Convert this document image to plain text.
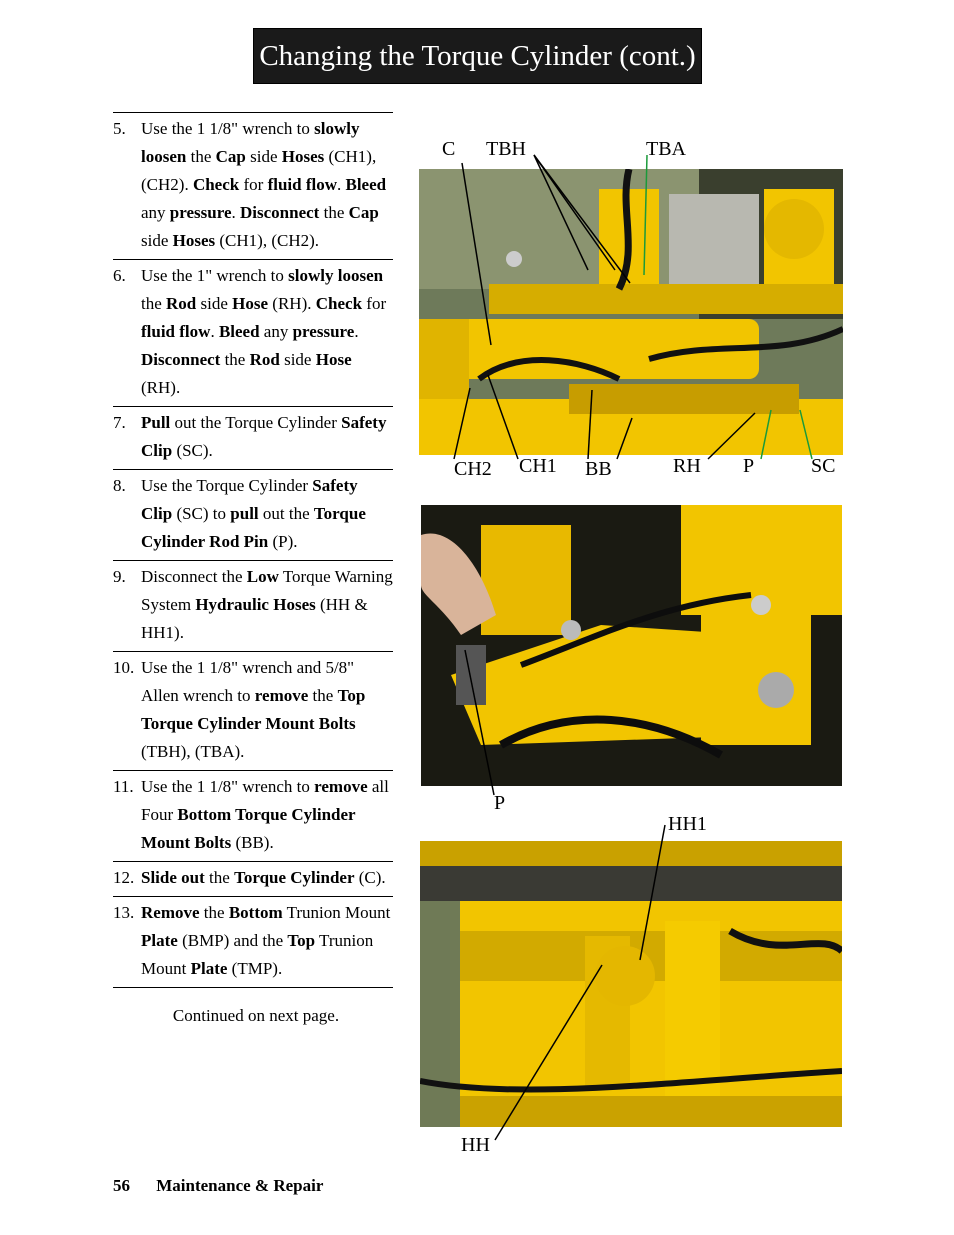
Changing the Torque Cylinder (cont.)
5. Use the 1 1/8" wrench to slowly loosen the Cap side Hoses (CH1), (CH2). Check for fluid flow. Bleed any pressure. Disconnect the Cap side Hoses (CH1), (CH2).
6. Use the 1" wrench to slowly loosen the Rod side Hose (RH). Check for fluid flow. Bleed any pressure. Disconnect the Rod side Hose (RH).
7. Pull out the Torque Cylinder Safety Clip (SC).
8. Use the Torque Cylinder Safety Clip (SC) to pull out the Torque Cylinder Rod Pin (P).
9. Disconnect the Low Torque Warning System Hydraulic Hoses (HH & HH1).
10. Use the 1 1/8" wrench and 5/8" Allen wrench to remove the Top Torque Cylinder Mount Bolts (TBH), (TBA).
11. Use the 1 1/8" wrench to remove all Four Bottom Torque Cylinder Mount Bolts (BB).
12. Slide out the Torque Cylinder (C).
13. Remove the Bottom Trunion Mount Plate (BMP) and the Top Trunion Mount Plate (TMP).
Continued on next page.
56 Maintenance & Repair
C TBH	TBA
CH2 CH1 BB	RH P	SC
P
HH1
HH
